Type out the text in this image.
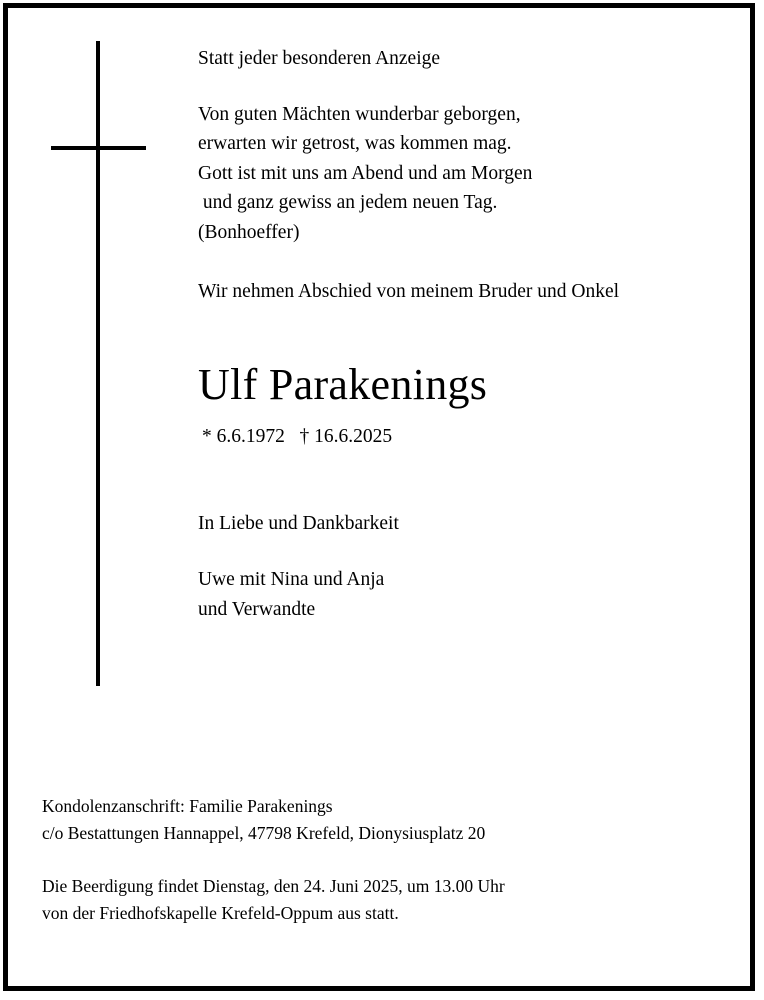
Statt jeder besonderen Anzeige
Von guten Mächten wunderbar geborgen,
erwarten wir getrost, was kommen mag.
Gott ist mit uns am Abend und am Morgen
und ganz gewiss an jedem neuen Tag.
(Bonhoeffer)
Wir nehmen Abschied von meinem Bruder und Onkel
Ulf Parakenings
* 6.6.1972   † 16.6.2025
In Liebe und Dankbarkeit
Uwe mit Nina und Anja
und Verwandte
Kondolenzanschrift: Familie Parakenings
c/o Bestattungen Hannappel, 47798 Krefeld, Dionysiusplatz 20
Die Beerdigung findet Dienstag, den 24. Juni 2025, um 13.00 Uhr
von der Friedhofskapelle Krefeld-Oppum aus statt.
